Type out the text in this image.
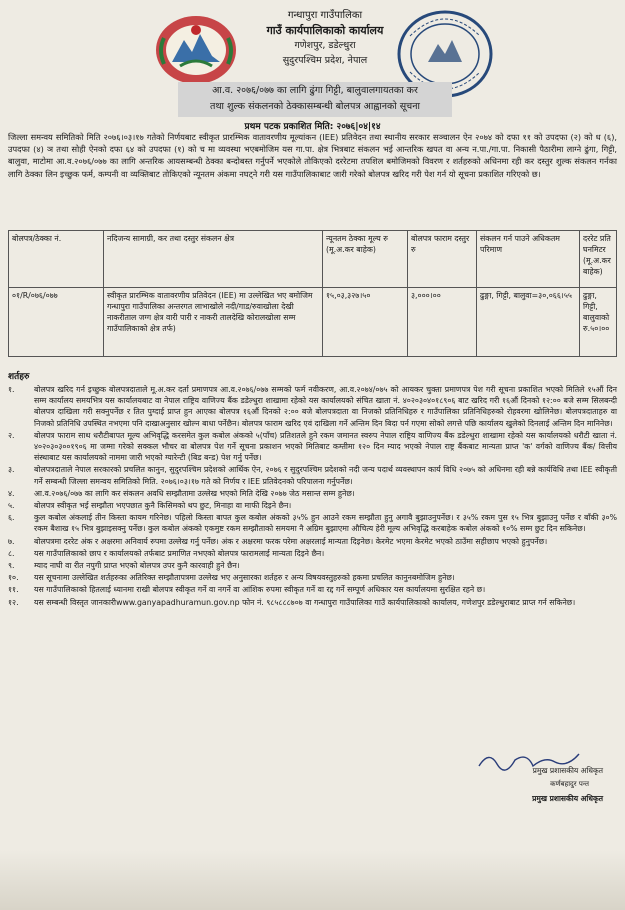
गन्धापुरा गाउँपालिका
गाउँ कार्यपालिकाको कार्यालय
गणेशपुर, डडेल्धुरा
सुदुरपश्चिम प्रदेश, नेपाल
आ.व. २०७६/०७७ का लागि ढुंगा गिट्टी, बालुवालगायतका कर
तथा शुल्क संकलनको ठेक्कासम्बन्धी बोलपत्र आह्वानको सूचना
प्रथम पटक प्रकाशित मिति: २०७६|०४|१४
जिल्ला समन्वय समितिको मिति २०७६।०३।१७ गतेको निर्णयबाट स्वीकृत प्रारम्भिक वातावरणीय मूल्यांकन (IEE) प्रतिवेदन तथा स्थानीय सरकार सञ्चालन ऐन २०७४ को दफा ११ को उपदफा (२) को ध (६), उपदफा (४) ञ तथा सोही ऐनको दफा ६४ को उपदफा (१) को च मा व्यवस्था भएबमोजिम यस गा.पा. क्षेत्र भित्रबाट संकलन भई आन्तरिक खपत वा अन्य न.पा./गा.पा. निकासी पैठारीमा लाग्ने ढुंगा, गिट्टी, बालुवा, माटोमा आ.व.२०७६/०७७ का लागि अन्तरिक आयसम्बन्धी ठेक्का बन्दोबस्त गर्नुपर्ने भएकोले तोकिएको दररेटमा तपशिल बमोजिमको विवरण र शर्तहरुको अधिनमा रही कर दस्तुर शुल्क संकलन गर्नका लागि ठेक्का लिन इच्छुक फर्म, कम्पनी वा व्यक्तिबाट तोकिएको न्यूनतम अंकमा नघट्ने गरी यस गाउँपालिकाबाट जारी गरेको बोलपत्र खरिद गरी पेश गर्न यो सूचना प्रकाशित गरिएको छ।
बोलपत्र/ठेक्का नं.	नदिजन्य सामाग्री, कर तथा दस्तुर संकलन क्षेत्र	न्यूनतम ठेक्का मूल्य रु (मू.अ.कर बाहेक)	बोलपत्र फाराम दस्तुर रु	संकलन गर्न पाउने अधिकतम परिमाण	दररेट प्रति घनमिटर (मू.अ.कर बाहेक)
०१/R/०७६/०७७	स्वीकृत प्रारम्भिक वातावरणीय प्रतिवेदन (IEE) मा उल्लेखित भए बमोजिम गन्धापुरा गाउँपालिका अन्तरगत लाभाखोले नदी/गाड/रुवाखोला देखी नाकरीताल जग्ग क्षेत्र वारी पारी र नाकरी तालदेखि कोरालखोला सम्म गाउँपालिकाको क्षेत्र तर्फ)	१५,०३,३२७।५०	३,०००।००	ढुङ्गा, गिट्टी, बालुवा=३०,०६६।५५	ढुङ्गा, गिट्टी, बालुवाको रु.५०।००
शर्तहरु
१.	बोलपत्र खरिद गर्न इच्छुक बोलपत्रदाताले मू.अ.कर दर्ता प्रमाणपत्र आ.व.२०७६/०७७ सम्मको फर्म नवीकरण, आ.व.२०७४/०७५ को आयकर चुक्ता प्रमाणपत्र पेश गरी सूचना प्रकाशित भएको मितिले १५औं दिन सम्म कार्यालय समयभित्र यस कार्यालयबाट वा नेपाल राष्ट्रिय वाणिज्य बैंक डडेल्धुरा शाखामा रहेको यस कार्यालयको संचित खाता नं. ४०२०३०४०१८९०६ बाट खरिद गरी १६औं दिनको १२:०० बजे सम्म सिलबन्दी बोलपत्र दाखिला गरी सक्नुपर्नेछ र तित पुग्दाई प्राप्त हुन आएका बोलपत्र १६औं दिनको २:०० बजे बोलपत्रदाता वा निजको प्रतिनिधिहरु र गाउँपालिका प्रतिनिधिहरुको रोहवरमा खोलिनेछ। बोलपत्रदाताहरु वा निजको प्रतिनिधि उपस्थित नभएमा पनि दाखाअनुसार खोल्न बाधा पर्नेछैन। बोलपत्र फाराम खरिद एवं दाखिला गर्ने अन्तिम दिन बिदा पर्न गएमा सोको लगत्ते पछि कार्यालय खुलेको दिनलाई अन्तिम दिन मानिनेछ।
२.	बोलपत्र फाराम साथ धरौटीबापत मूल्य अभिवृद्धि करसमेत कुल कबोल अंकको ५(पाँच) प्रतिशतले हुने रकम जमानत स्वरुप नेपाल राष्ट्रिय वाणिज्य बैंक डडेल्धुरा शाखामा रहेको यस कार्यालयको धरौटी खाता नं. ४०२०३०३००१९०६ मा जम्मा गरेको सक्कल भौचर वा बोलपत्र पेश गर्ने सूचना प्रकाशन भएको मितिबाट कम्तीमा १२० दिन म्याद भएको नेपाल राष्ट्र बैंकबाट मान्यता प्राप्त 'क' वर्गको वाणिज्य बैंक/ वित्तीय संस्थाबाट यस कार्यालयको नाममा जारी भएको ग्यारेन्टी (बिड बन्ड) पेश गर्नु पर्नेछ।
३.	बोलपत्रदाताले नेपाल सरकारको प्रचलित कानुन, सुदुरपश्चिम प्रदेशको आर्थिक ऐन, २०७६ र सुदुरपश्चिम प्रदेशको नदी जन्य पदार्थ व्यवस्थापन कार्य विधि २०७५ को अधिनमा रही बन्ने कार्यविधि तथा IEE स्वीकृती गर्ने सम्बन्धी जिल्ला समन्वय समितिको मिति. २०७६।०३।१७ गते को निर्णय र IEE प्रतिवेदनको परिपालना गर्नुपर्नेछ।
४.	आ.व.२०७६/०७७ का लागि कर संकलन अवधि सम्झौतामा उल्लेख भएको मिति देखि २०७७ जेठ मसान्त सम्म हुनेछ।
५.	बोलपत्र स्वीकृत भई सम्झौता भएपछात कुनै किसिमको थप छुट, मिनाहा वा माफी दिइने छैन।
६.	कुल कबोल अंकलाई तीन किस्ता कायम गरिनेछ। पहिलो किस्ता बापत कुल कबोल अंकको ३५% हुन आउने रकम सम्झौता हुनु अगावै बुझाउनुपर्नेछ। र ३५% रकम पुस १५ भित्र बुझाउनु पर्नेछ र बाँकी ३०% रकम बैशाख १५ भित्र बुझाइसक्नु पर्नेछ। कुल कबोल अंकको एकमुष्ट रकम सम्झौताको समयमा नै अग्रिम बुझाएमा औचित्य हेरी मूल्य अभिवृद्धि करबाहेक कबोल अंकको १०% सम्म छुट दिन सकिनेछ।
७.	बोलपत्रमा दररेट अंक र अक्षरमा अनिवार्य रुपमा उल्लेख गर्नु पर्नेछ। अंक र अक्षरमा फरक परेमा अक्षरलाई मान्यता दिइनेछ। केरमेट भएमा केरमेट भएको ठाउँमा सहीछाप भएको हुनुपर्नेछ।
८.	यस गाउँपालिकाको छाप र कार्यालयको तर्फबाट प्रमाणित नभएको बोलपत्र फारामलाई मान्यता दिइने छैन।
९.	म्याद नाघी वा रीत नपुगी प्राप्त भएको बोलपत्र उपर कुनै कारवाही हुने छैन।
१०.	यस सूचनामा उल्लेखित शर्तहरुका अतिरिक्त सम्झौतापत्रमा उल्लेख भए अनुसारका शर्तहरु र अन्य विषयवस्तुहरुको हकमा प्रचलित कानुनबमोजिम हुनेछ।
११.	यस गाउँपालिकाको हितलाई ध्यानमा राखी बोलपत्र स्वीकृत गर्ने वा नगर्ने वा आंशिक रुपमा स्वीकृत गर्ने वा रद्द गर्ने सम्पूर्ण अधिकार यस कार्यालयमा सुरक्षित रहने छ।
१२.	यस सम्बन्धी विस्तृत जानकारीwww.ganyapadhuramun.gov.np फोन नं. ९८५८८८७०७ वा गन्धापुरा गाउँपालिका गाउँ कार्यपालिकाको कार्यालय, गणेशपुर डडेल्धुराबाट प्राप्त गर्न सकिनेछ।
प्रमुख प्रशासकीय अधिकृत
कर्णबहादुर पन्त
प्रमुख प्रशासकीय अधिकृत
